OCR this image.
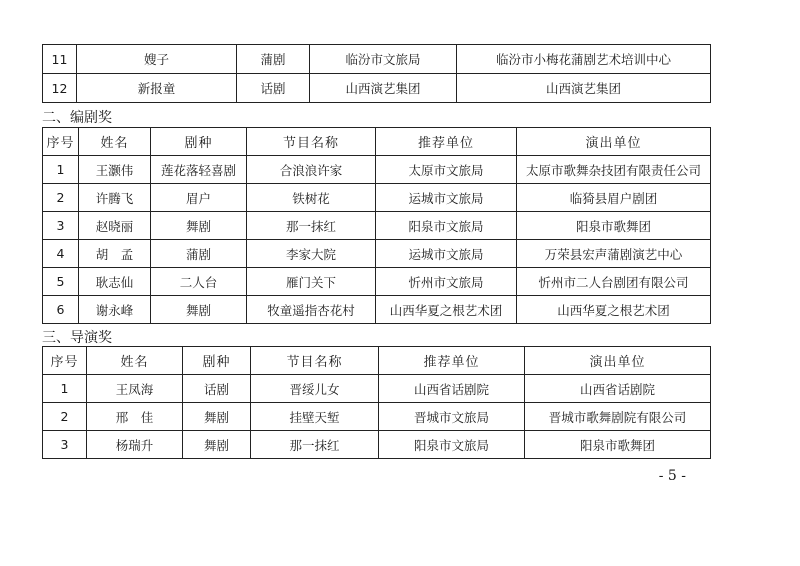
11	嫂子	蒲剧	临汾市文旅局	临汾市小梅花蒲剧艺术培训中心
12	新报童	话剧	山西演艺集团	山西演艺集团
二、编剧奖
序号	姓名	剧种	节目名称	推荐单位	演出单位
1	王灏伟	莲花落轻喜剧	合浪浪许家	太原市文旅局	太原市歌舞杂技团有限责任公司
2	许腾飞	眉户	铁树花	运城市文旅局	临猗县眉户剧团
3	赵晓丽	舞剧	那一抹红	阳泉市文旅局	阳泉市歌舞团
4	胡　孟	蒲剧	李家大院	运城市文旅局	万荣县宏声蒲剧演艺中心
5	耿志仙	二人台	雁门关下	忻州市文旅局	忻州市二人台剧团有限公司
6	谢永峰	舞剧	牧童遥指杏花村	山西华夏之根艺术团	山西华夏之根艺术团
三、导演奖
序号	姓名	剧种	节目名称	推荐单位	演出单位
1	王凤海	话剧	晋绥儿女	山西省话剧院	山西省话剧院
2	邢　佳	舞剧	挂壁天堑	晋城市文旅局	晋城市歌舞剧院有限公司
3	杨瑞升	舞剧	那一抹红	阳泉市文旅局	阳泉市歌舞团
- 5 -
